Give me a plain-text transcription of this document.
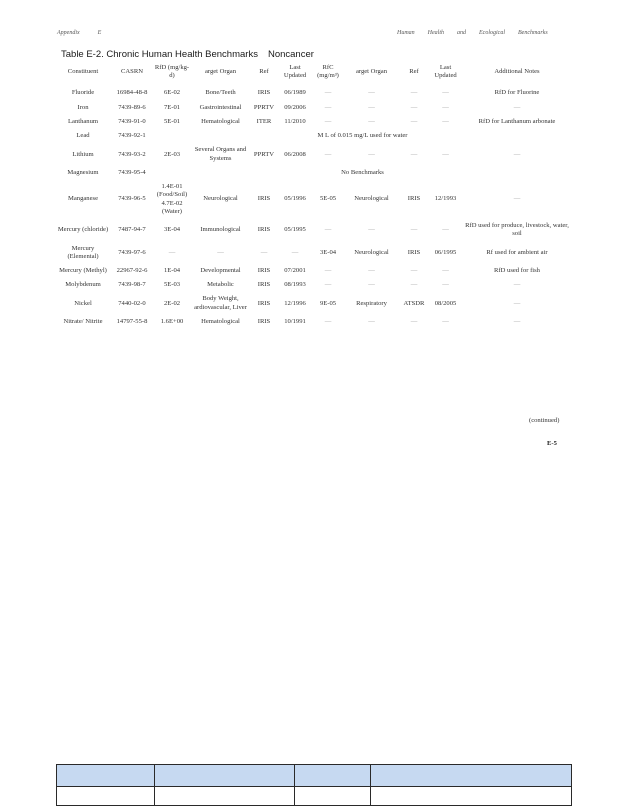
Appendix	E	Human Health and Ecological Benchmarks
Table E-2. Chronic Human Health Benchmarks Noncancer
Constituent	CASRN	RfD (mg/kg-d)	arget Organ	Ref	Last Updated	RfC (mg/m³)	arget Organ	Ref	Last Updated	Additional Notes
Fluoride	16984-48-8	6E-02	Bone/Teeth	IRIS	06/1989	—	—	—	—	RfD for Fluorine
Iron	7439-89-6	7E-01	Gastrointestinal	PPRTV	09/2006	—	—	—	—	—
Lanthanum	7439-91-0	5E-01	Hematological	ITER	11/2010	—	—	—	—	RfD for Lanthanum arbonate
Lead	7439-92-1	M L of 0.015 mg/L used for water								
Lithium	7439-93-2	2E-03	Several Organs and Systems	PPRTV	06/2008	—	—	—	—	—
Magnesium	7439-95-4	No Benchmarks								
Manganese	7439-96-5	1.4E-01 (Food/Soil) 4.7E-02 (Water)	Neurological	IRIS	05/1996	5E-05	Neurological	IRIS	12/1993	—
Mercury (chloride)	7487-94-7	3E-04	Immunological	IRIS	05/1995	—	—	—	—	RfD used for produce, livestock, water, soil
Mercury (Elemental)	7439-97-6	—	—	—	—	3E-04	Neurological	IRIS	06/1995	Rf used for ambient air
Mercury (Methyl)	22967-92-6	1E-04	Developmental	IRIS	07/2001	—	—	—	—	RfD used for fish
Molybdenum	7439-98-7	5E-03	Metabolic	IRIS	08/1993	—	—	—	—	—
Nickel	7440-02-0	2E-02	Body Weight, ardiovascular, Liver	IRIS	12/1996	9E-05	Respiratory	ATSDR	08/2005	—
Nitrate/ Nitrite	14797-55-8	1.6E+00	Hematological	IRIS	10/1991	—	—	—	—	—
(continued)
E-5
